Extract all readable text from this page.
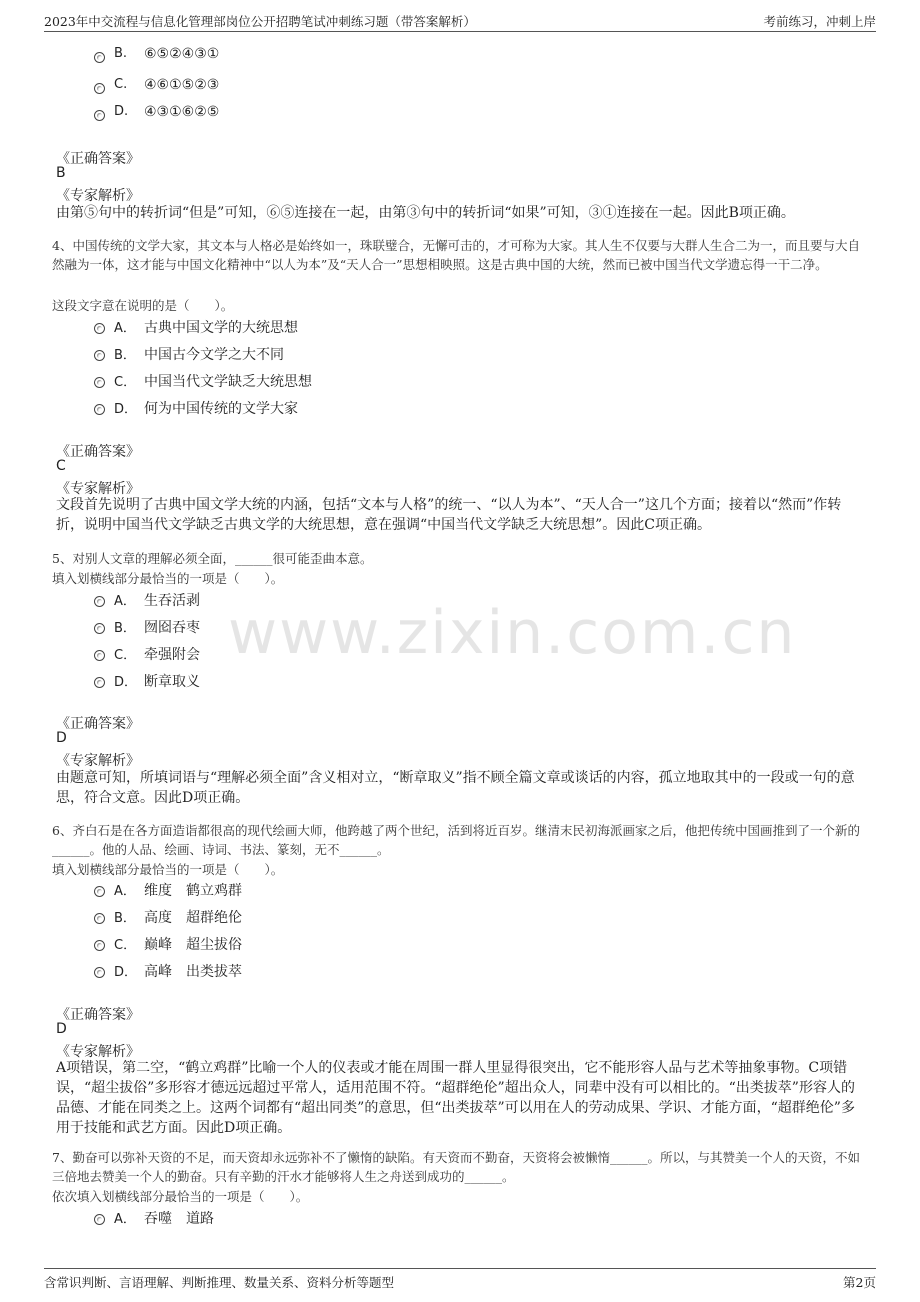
2023年中交流程与信息化管理部岗位公开招聘笔试冲刺练习题（带答案解析）	考前练习，冲刺上岸
B. ⑥⑤②④③①
C. ④⑥①⑤②③
D. ④③①⑥②⑤
《正确答案》
B
《专家解析》
由第⑤句中的转折词“但是”可知，⑥⑤连接在一起，由第③句中的转折词“如果”可知，③①连接在一起。因此B项正确。
4、中国传统的文学大家，其文本与人格必是始终如一，珠联璧合，无懈可击的，才可称为大家。其人生不仅要与大群人生合二为一，而且要与大自然融为一体，这才能与中国文化精神中“以人为本”及“天人合一”思想相映照。这是古典中国的大统，然而已被中国当代文学遗忘得一干二净。
这段文字意在说明的是（　　）。
A． 古典中国文学的大统思想
B． 中国古今文学之大不同
C． 中国当代文学缺乏大统思想
D． 何为中国传统的文学大家
《正确答案》
C
《专家解析》
文段首先说明了古典中国文学大统的内涵，包括“文本与人格”的统一、“以人为本”、“天人合一”这几个方面；接着以“然而”作转折，说明中国当代文学缺乏古典文学的大统思想，意在强调“中国当代文学缺乏大统思想”。因此C项正确。
5、对别人文章的理解必须全面，______很可能歪曲本意。
填入划横线部分最恰当的一项是（　　）。
A． 生吞活剥
B． 囫囵吞枣
C． 牵强附会
D． 断章取义
《正确答案》
D
《专家解析》
由题意可知，所填词语与“理解必须全面”含义相对立，“断章取义”指不顾全篇文章或谈话的内容，孤立地取其中的一段或一句的意思，符合文意。因此D项正确。
6、齐白石是在各方面造诣都很高的现代绘画大师，他跨越了两个世纪，活到将近百岁。继清末民初海派画家之后，他把传统中国画推到了一个新的______。他的人品、绘画、诗词、书法、篆刻，无不______。
填入划横线部分最恰当的一项是（　　）。
A． 维度　鹤立鸡群
B． 高度　超群绝伦
C． 巅峰　超尘拔俗
D． 高峰　出类拔萃
《正确答案》
D
《专家解析》
A项错误，第二空，“鹤立鸡群”比喻一个人的仪表或才能在周围一群人里显得很突出，它不能形容人品与艺术等抽象事物。C项错误，“超尘拔俗”多形容才德远远超过平常人，适用范围不符。“超群绝伦”超出众人，同辈中没有可以相比的。“出类拔萃”形容人的品德、才能在同类之上。这两个词都有“超出同类”的意思，但“出类拔萃”可以用在人的劳动成果、学识、才能方面，“超群绝伦”多用于技能和武艺方面。因此D项正确。
7、勤奋可以弥补天资的不足，而天资却永远弥补不了懒惰的缺陷。有天资而不勤奋，天资将会被懒惰______。所以，与其赞美一个人的天资，不如三倍地去赞美一个人的勤奋。只有辛勤的汗水才能够将人生之舟送到成功的______。
依次填入划横线部分最恰当的一项是（　　）。
A． 吞噬　道路
www.zixin.com.cn
含常识判断、言语理解、判断推理、数量关系、资料分析等题型	第2页
